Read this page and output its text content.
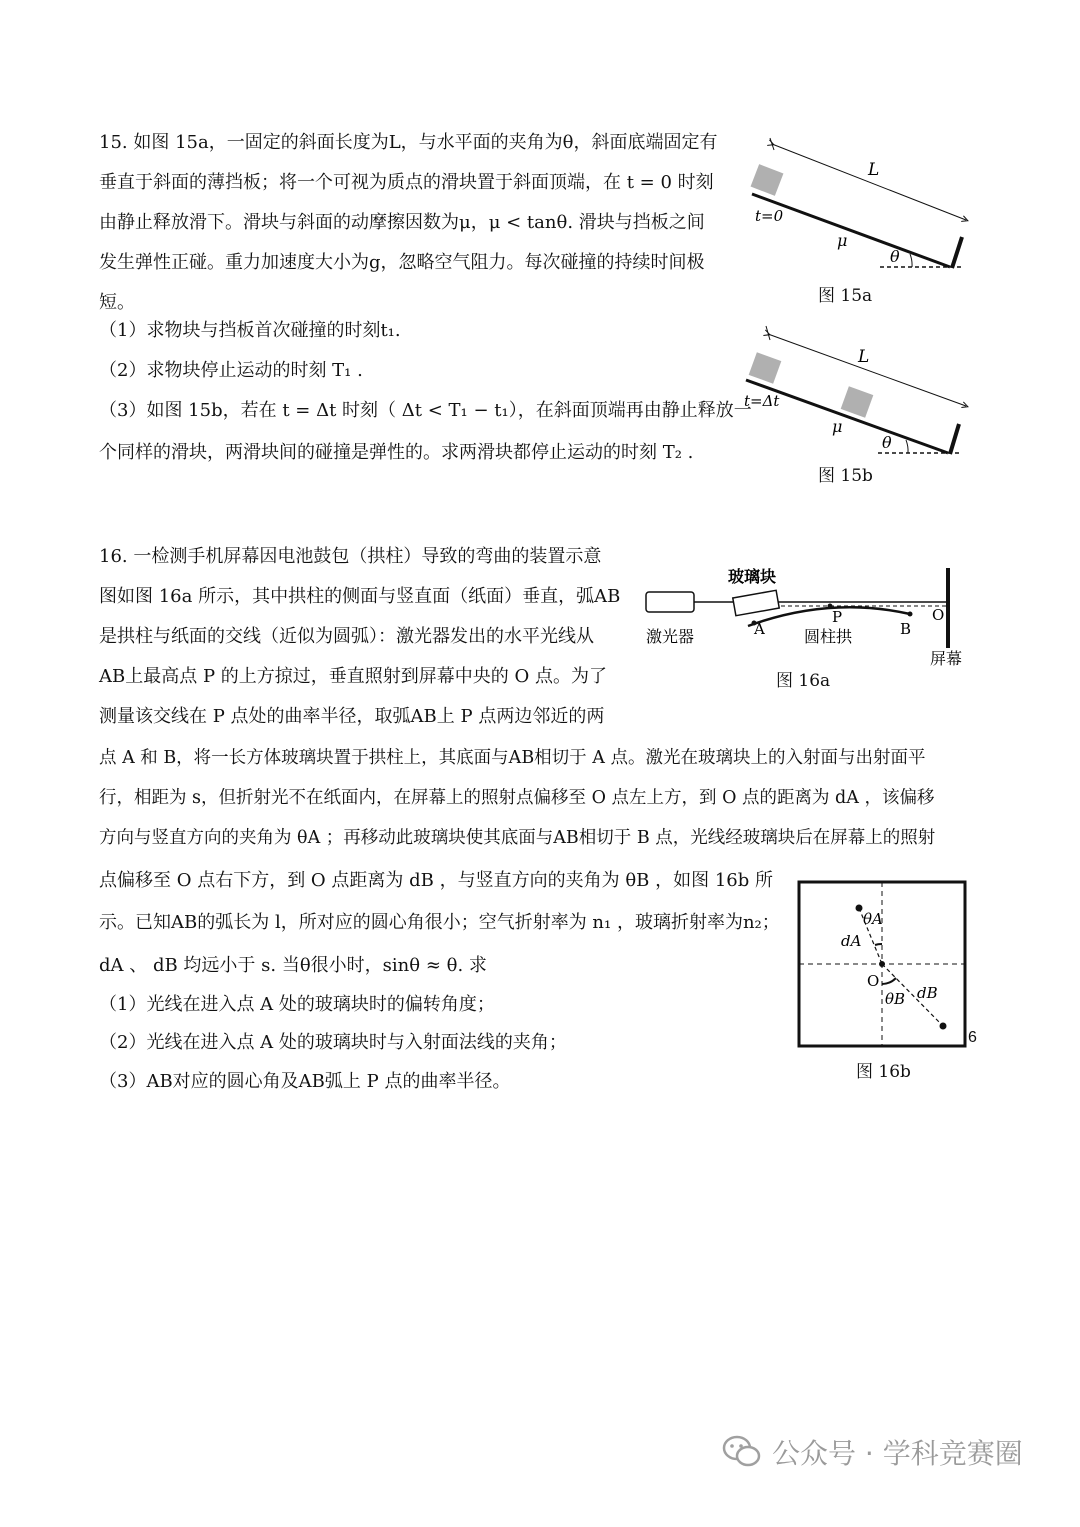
15. 如图 15a，一固定的斜面长度为L，与水平面的夹角为θ，斜面底端固定有
垂直于斜面的薄挡板；将一个可视为质点的滑块置于斜面顶端，在 t = 0 时刻
由静止释放滑下。滑块与斜面的动摩擦因数为μ，μ < tanθ. 滑块与挡板之间
发生弹性正碰。重力加速度大小为g，忽略空气阻力。每次碰撞的持续时间极
短。
（1）求物块与挡板首次碰撞的时刻t₁.
（2）求物块停止运动的时刻 T₁ .
（3）如图 15b，若在 t = Δt 时刻（ Δt < T₁ − t₁），在斜面顶端再由静止释放一
个同样的滑块，两滑块间的碰撞是弹性的。求两滑块都停止运动的时刻 T₂ .
L
t=0
μ
θ
图 15a
L
t=Δt
μ
θ
图 15b
16. 一检测手机屏幕因电池鼓包（拱柱）导致的弯曲的装置示意
图如图 16a 所示，其中拱柱的侧面与竖直面（纸面）垂直，弧AB
是拱柱与纸面的交线（近似为圆弧）：激光器发出的水平光线从
AB上最高点 P 的上方掠过，垂直照射到屏幕中央的 O 点。为了
测量该交线在 P 点处的曲率半径，取弧AB上 P 点两边邻近的两
点 A 和 B，将一长方体玻璃块置于拱柱上，其底面与AB相切于 A 点。激光在玻璃块上的入射面与出射面平
行，相距为 s，但折射光不在纸面内，在屏幕上的照射点偏移至 O 点左上方，到 O 点的距离为 dA ，该偏移
方向与竖直方向的夹角为 θA ；再移动此玻璃块使其底面与AB相切于 B 点，光线经玻璃块后在屏幕上的照射
点偏移至 O 点右下方，到 O 点距离为 dB ，与竖直方向的夹角为 θB ，如图 16b 所
示。已知AB的弧长为 l，所对应的圆心角很小；空气折射率为 n₁ ，玻璃折射率为n₂；
dA 、 dB 均远小于 s. 当θ很小时，sinθ ≈ θ. 求
（1）光线在进入点 A 处的玻璃块时的偏转角度；
（2）光线在进入点 A 处的玻璃块时与入射面法线的夹角；
（3）AB对应的圆心角及AB弧上 P 点的曲率半径。
玻璃块
激光器	圆柱拱
屏幕
A
P
B
O
图 16a
θA
dA
O
θB dB
图 16b
6
公众号 · 学科竞赛圈
